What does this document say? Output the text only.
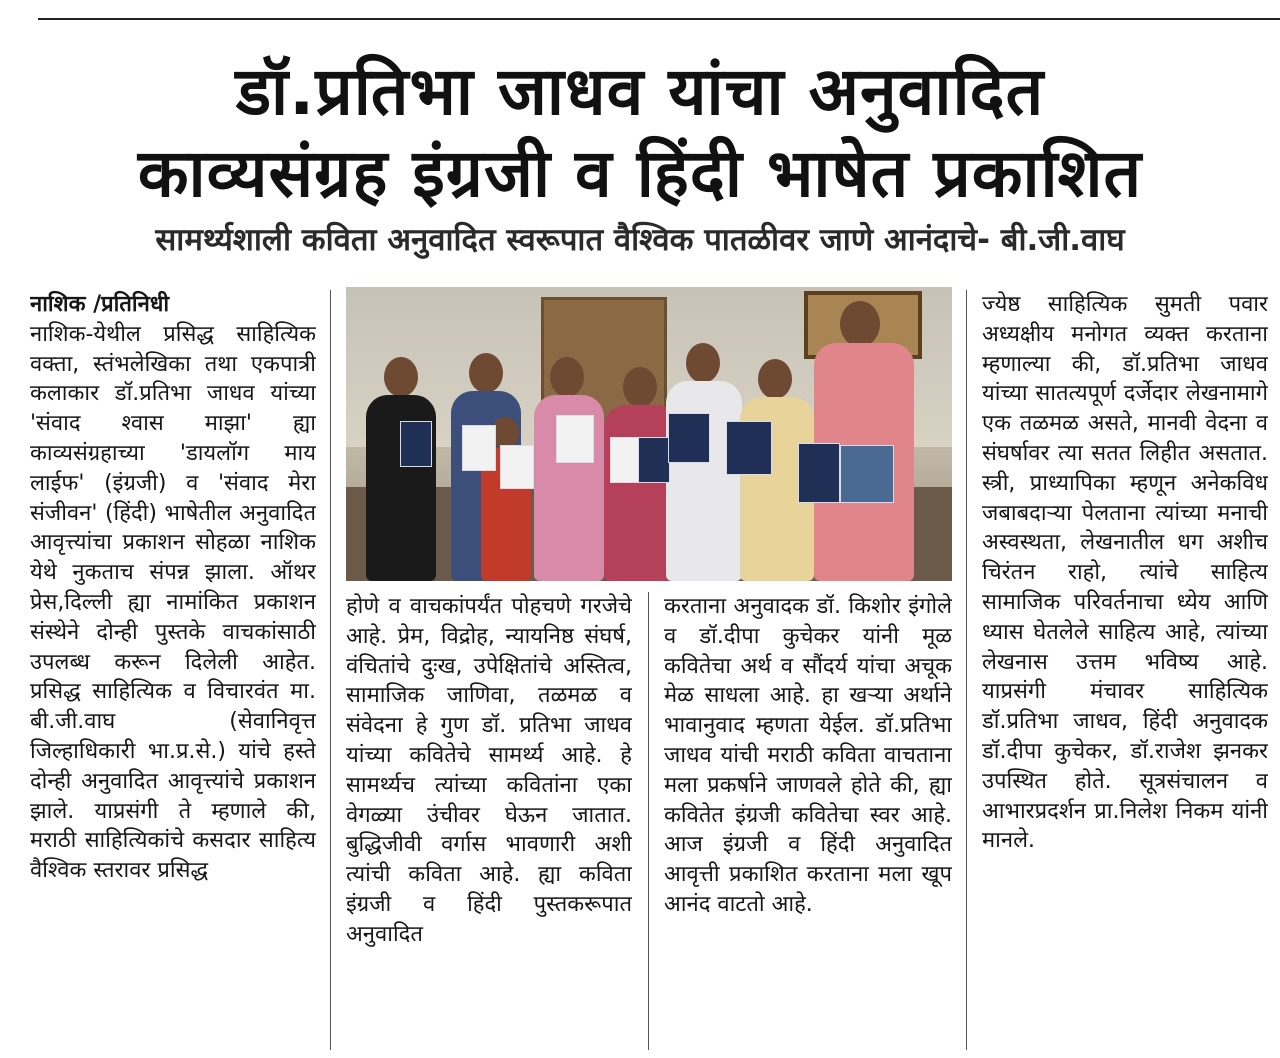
डॉ.प्रतिभा जाधव यांचा अनुवादित
काव्यसंग्रह इंग्रजी व हिंदी भाषेत प्रकाशित
सामर्थ्यशाली कविता अनुवादित स्वरूपात वैश्विक पातळीवर जाणे आनंदाचे- बी.जी.वाघ
नाशिक /प्रतिनिधी

नाशिक-येथील प्रसिद्ध साहित्यिक वक्ता, स्तंभलेखिका तथा एकपात्री कलाकार डॉ.प्रतिभा जाधव यांच्या 'संवाद श्वास माझा' ह्या काव्यसंग्रहाच्या 'डायलॉग माय लाईफ' (इंग्रजी) व 'संवाद मेरा संजीवन' (हिंदी) भाषेतील अनुवादित आवृत्त्यांचा प्रकाशन सोहळा नाशिक येथे नुकताच संपन्न झाला. ऑथर प्रेस,दिल्ली ह्या नामांकित प्रकाशन संस्थेने दोन्ही पुस्तके वाचकांसाठी उपलब्ध करून दिलेली आहेत. प्रसिद्ध साहित्यिक व विचारवंत मा. बी.जी.वाघ (सेवानिवृत्त जिल्हाधिकारी भा.प्र.से.) यांचे हस्ते दोन्ही अनुवादित आवृत्त्यांचे प्रकाशन झाले. याप्रसंगी ते म्हणाले की, मराठी साहित्यिकांचे कसदार साहित्य वैश्विक स्तरावर प्रसिद्ध

होणे व वाचकांपर्यंत पोहचणे गरजेचे आहे. प्रेम, विद्रोह, न्यायनिष्ठ संघर्ष, वंचितांचे दुःख, उपेक्षितांचे अस्तित्व, सामाजिक जाणिवा, तळमळ व संवेदना हे गुण डॉ. प्रतिभा जाधव यांच्या कवितेचे सामर्थ्य आहे. हे सामर्थ्यच त्यांच्या कवितांना एका वेगळ्या उंचीवर घेऊन जातात. बुद्धिजीवी वर्गास भावणारी अशी त्यांची कविता आहे. ह्या कविता इंग्रजी व हिंदी पुस्तकरूपात अनुवादित

करताना अनुवादक डॉ. किशोर इंगोले व डॉ.दीपा कुचेकर यांनी मूळ कवितेचा अर्थ व सौंदर्य यांचा अचूक मेळ साधला आहे. हा खऱ्या अर्थाने भावानुवाद म्हणता येईल. डॉ.प्रतिभा जाधव यांची मराठी कविता वाचताना मला प्रकर्षाने जाणवले होते की, ह्या कवितेत इंग्रजी कवितेचा स्वर आहे. आज इंग्रजी व हिंदी अनुवादित आवृत्ती प्रकाशित करताना मला खूप आनंद वाटतो आहे.

ज्येष्ठ साहित्यिक सुमती पवार अध्यक्षीय मनोगत व्यक्त करताना म्हणाल्या की, डॉ.प्रतिभा जाधव यांच्या सातत्यपूर्ण दर्जेदार लेखनामागे एक तळमळ असते, मानवी वेदना व संघर्षावर त्या सतत लिहीत असतात. स्त्री, प्राध्यापिका म्हणून अनेकविध जबाबदाऱ्या पेलताना त्यांच्या मनाची अस्वस्थता, लेखनातील धग अशीच चिरंतन राहो, त्यांचे साहित्य सामाजिक परिवर्तनाचा ध्येय आणि ध्यास घेतलेले साहित्य आहे, त्यांच्या लेखनास उत्तम भविष्य आहे. याप्रसंगी मंचावर साहित्यिक डॉ.प्रतिभा जाधव, हिंदी अनुवादक डॉ.दीपा कुचेकर, डॉ.राजेश झनकर उपस्थित होते. सूत्रसंचालन व आभारप्रदर्शन प्रा.निलेश निकम यांनी मानले.
